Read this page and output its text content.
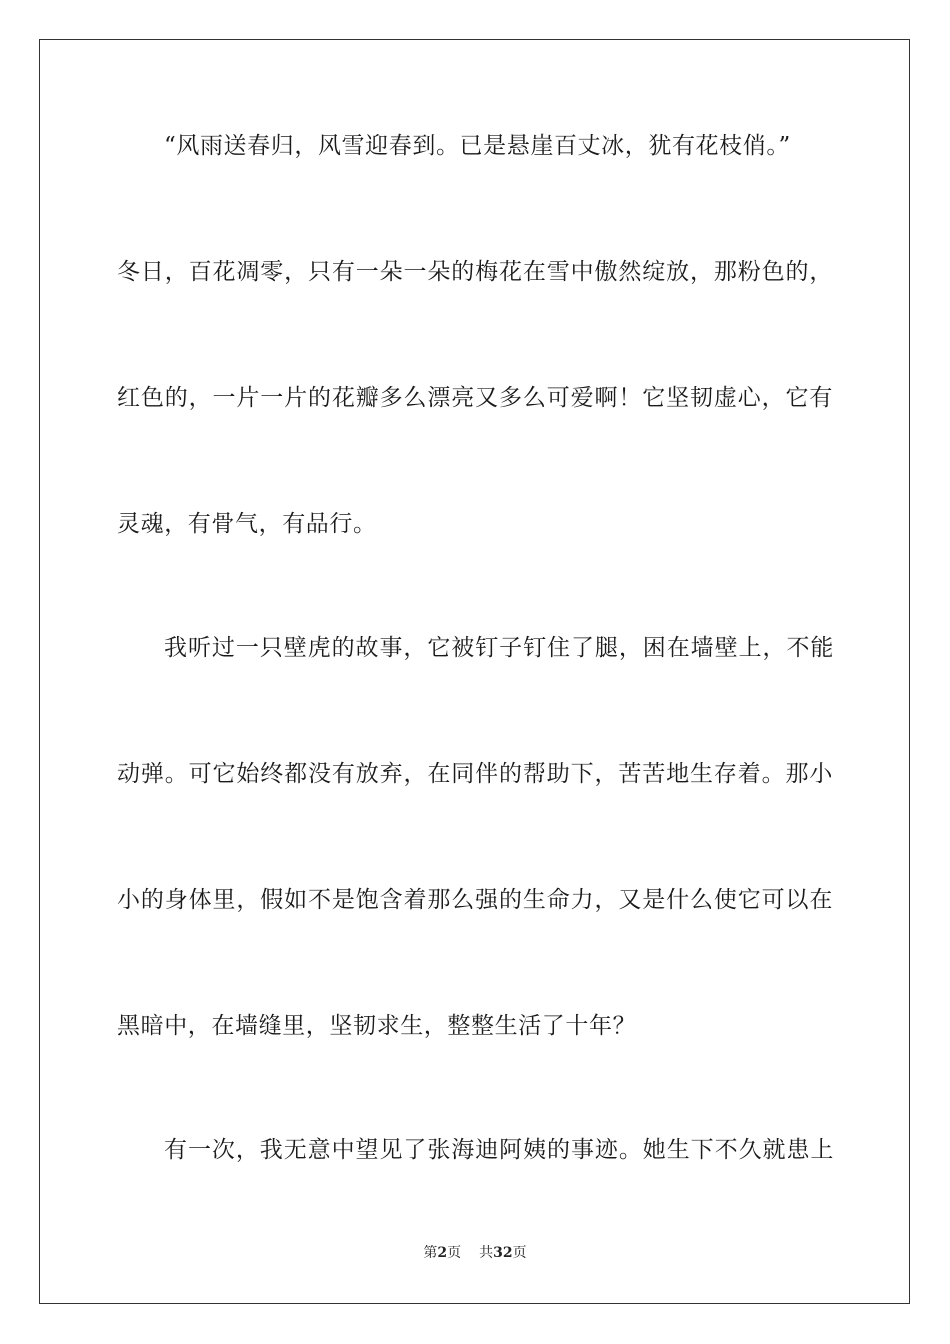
“风雨送春归，风雪迎春到。已是悬崖百丈冰，犹有花枝俏。”
冬日，百花凋零，只有一朵一朵的梅花在雪中傲然绽放，那粉色的，
红色的，一片一片的花瓣多么漂亮又多么可爱啊！它坚韧虚心，它有
灵魂，有骨气，有品行。
我听过一只壁虎的故事，它被钉子钉住了腿，困在墙壁上，不能
动弹。可它始终都没有放弃，在同伴的帮助下，苦苦地生存着。那小
小的身体里，假如不是饱含着那么强的生命力，又是什么使它可以在
黑暗中，在墙缝里，坚韧求生，整整生活了十年？
有一次，我无意中望见了张海迪阿姨的事迹。她生下不久就患上
第2页 共32页
